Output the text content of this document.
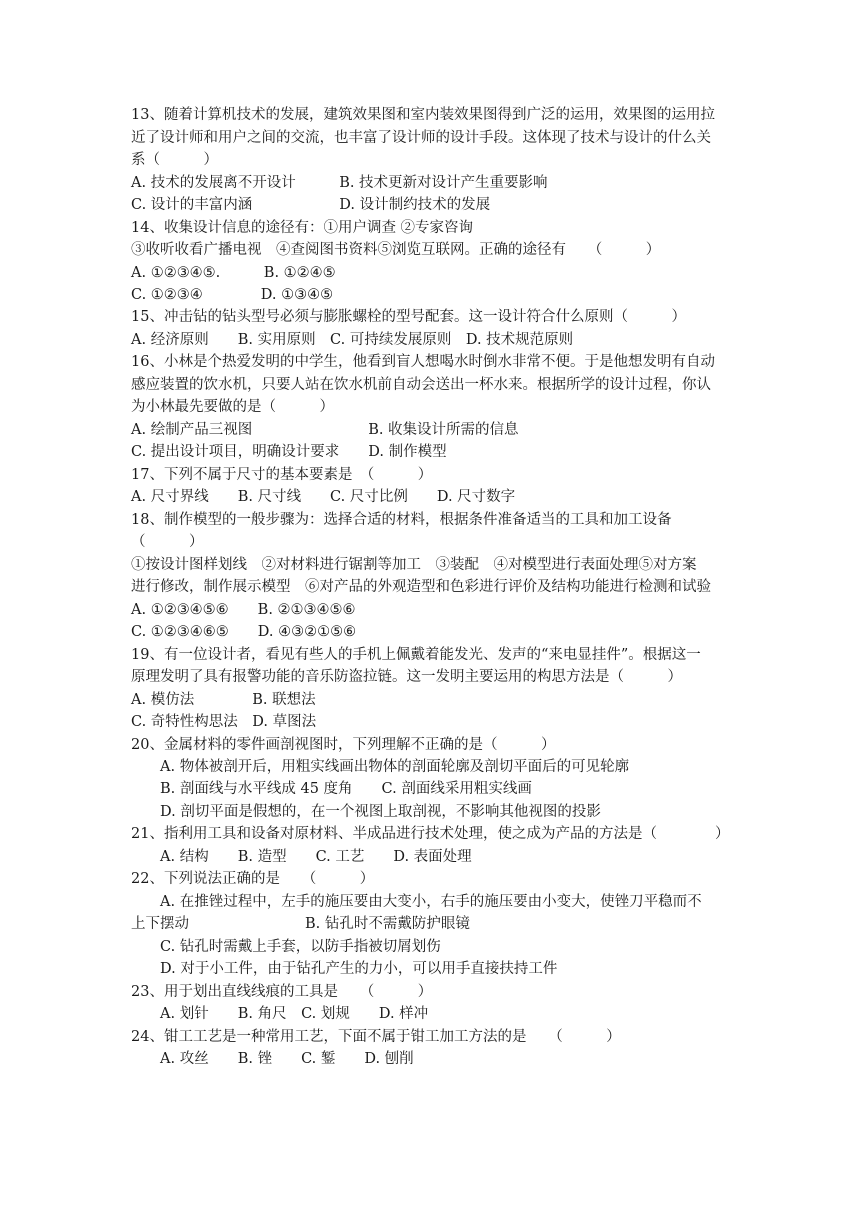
13、随着计算机技术的发展，建筑效果图和室内装效果图得到广泛的运用，效果图的运用拉
近了设计师和用户之间的交流，也丰富了设计师的设计手段。这体现了技术与设计的什么关
系（　　　）
A. 技术的发展离不开设计　　　B. 技术更新对设计产生重要影响
C. 设计的丰富内涵　　　　　　D. 设计制约技术的发展
14、收集设计信息的途径有：①用户调查 ②专家咨询
③收听收看广播电视　④查阅图书资料⑤浏览互联网。正确的途径有　　（　　　）
A. ①②③④⑤.　　　B. ①②④⑤
C. ①②③④　　　　D. ①③④⑤
15、冲击钻的钻头型号必须与膨胀螺栓的型号配套。这一设计符合什么原则（　　　）
A. 经济原则　　B. 实用原则　C. 可持续发展原则　D. 技术规范原则
16、小林是个热爱发明的中学生，他看到盲人想喝水时倒水非常不便。于是他想发明有自动
感应装置的饮水机，只要人站在饮水机前自动会送出一杯水来。根据所学的设计过程，你认
为小林最先要做的是（　　　）
A. 绘制产品三视图　　　　　　　　B. 收集设计所需的信息
C. 提出设计项目，明确设计要求　　D. 制作模型
17、下列不属于尺寸的基本要素是　（　　　）
A. 尺寸界线　　B. 尺寸线　　C. 尺寸比例　　D. 尺寸数字
18、制作模型的一般步骤为：选择合适的材料，根据条件准备适当的工具和加工设备
（　　　）
①按设计图样划线　②对材料进行锯割等加工　③装配　④对模型进行表面处理⑤对方案
进行修改，制作展示模型　⑥对产品的外观造型和色彩进行评价及结构功能进行检测和试验
A. ①②③④⑤⑥　　B. ②①③④⑤⑥
C. ①②③④⑥⑤　　D. ④③②①⑤⑥
19、有一位设计者，看见有些人的手机上佩戴着能发光、发声的“来电显挂件”。根据这一
原理发明了具有报警功能的音乐防盗拉链。这一发明主要运用的构思方法是（　　　）
A. 模仿法　　　　B. 联想法
C. 奇特性构思法　D. 草图法
20、金属材料的零件画剖视图时，下列理解不正确的是（　　　）
　　A. 物体被剖开后，用粗实线画出物体的剖面轮廓及剖切平面后的可见轮廓
　　B. 剖面线与水平线成 45 度角　　C. 剖面线采用粗实线画
　　D. 剖切平面是假想的，在一个视图上取剖视，不影响其他视图的投影
21、指利用工具和设备对原材料、半成品进行技术处理，使之成为产品的方法是（　　　　）
　　A. 结构　　B. 造型　　C. 工艺　　D. 表面处理
22、下列说法正确的是　　（　　　）
　　A. 在推锉过程中，左手的施压要由大变小，右手的施压要由小变大，使锉刀平稳而不
上下摆动　　　　　　　　B. 钻孔时不需戴防护眼镜
　　C. 钻孔时需戴上手套，以防手指被切屑划伤
　　D. 对于小工件，由于钻孔产生的力小，可以用手直接扶持工件
23、用于划出直线线痕的工具是　　（　　　）
　　A. 划针　　B. 角尺　C. 划规　　D. 样冲
24、钳工工艺是一种常用工艺，下面不属于钳工加工方法的是　　（　　　）
　　A. 攻丝　　B. 锉　　C. 錾　　D. 刨削
